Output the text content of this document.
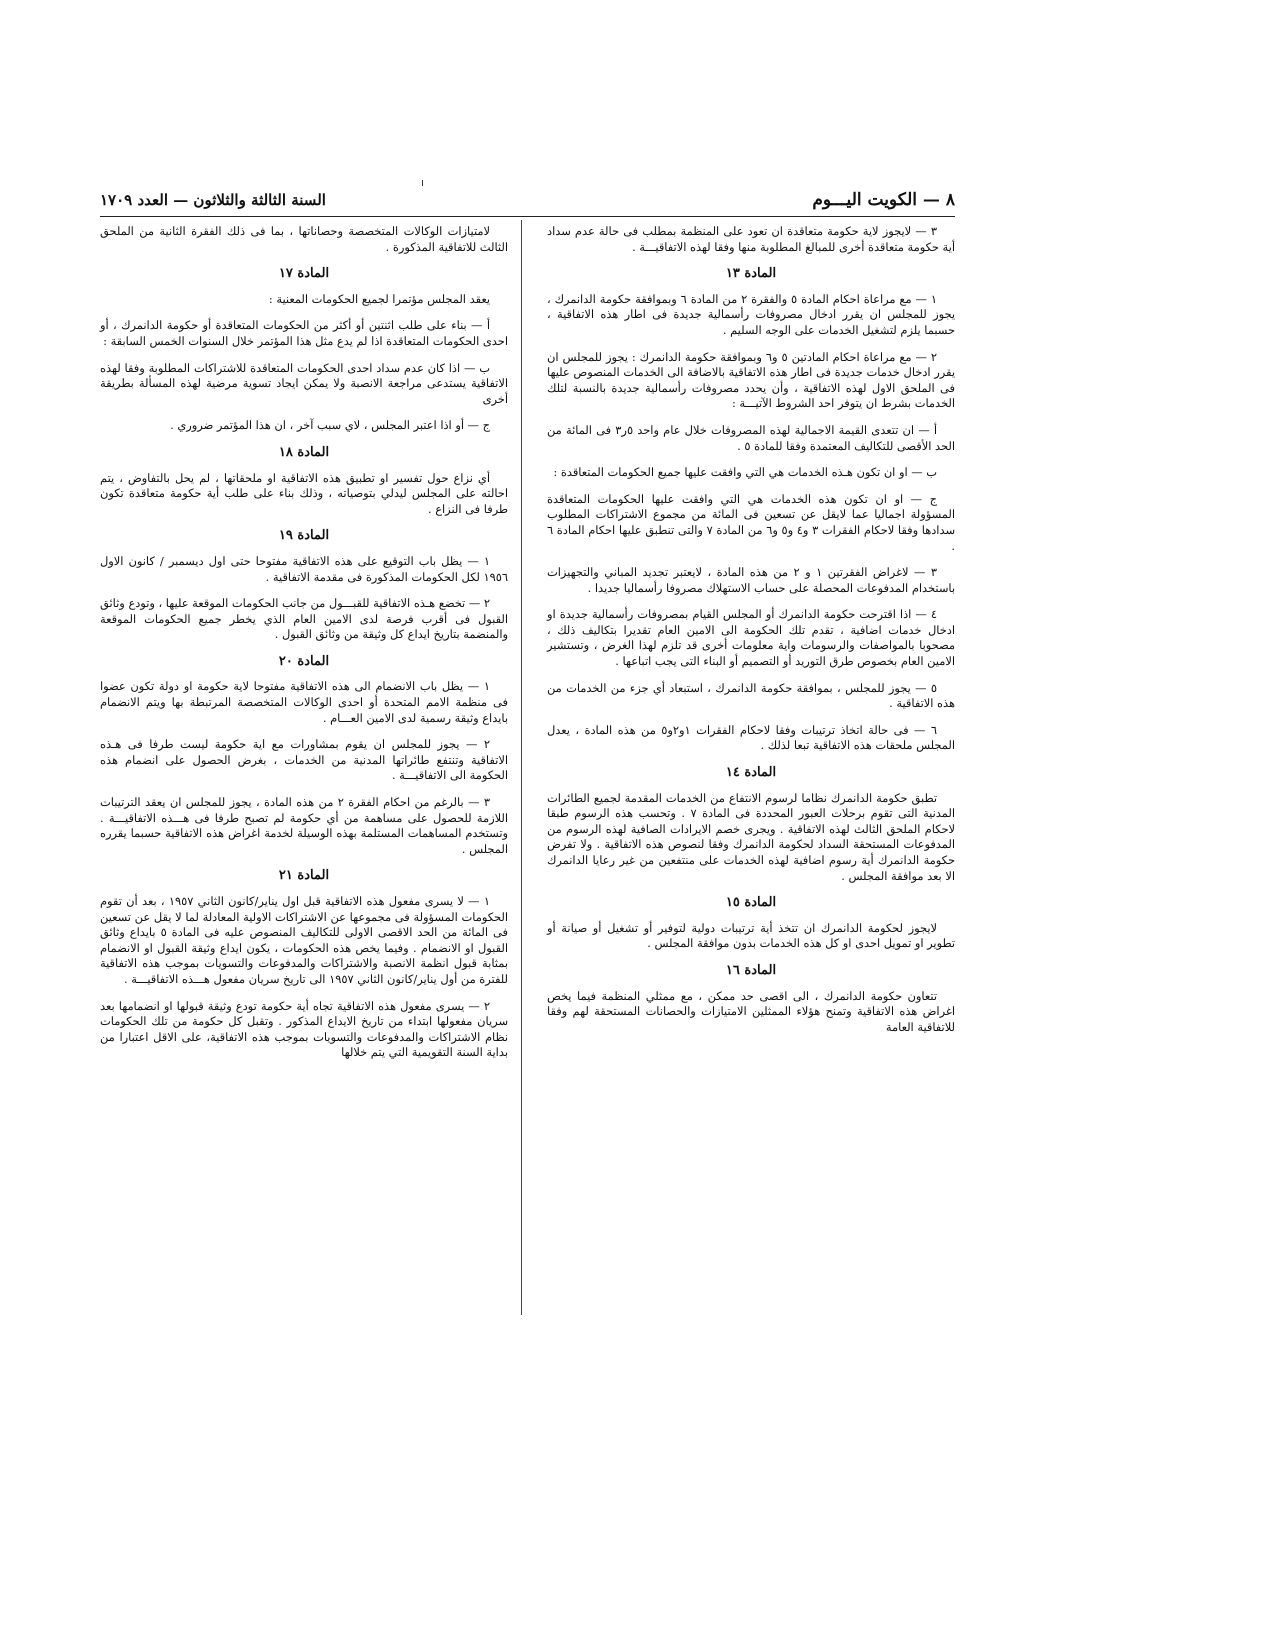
٨ — الكويت اليـــوم
السنة الثالثة والثلاثون — العدد ١٧٠٩

٣ — لايجوز لاية حكومة متعاقدة ان تعود على المنظمة بمطلب فى حالة عدم سداد أية حكومة متعاقدة أخرى للمبالغ المطلوبة منها وفقا لهذه الاتفاقيـــة .

المادة ١٣

١ — مع مراعاة احكام المادة ٥ والفقرة ٢ من المادة ٦ وبموافقة حكومة الدانمرك ، يجوز للمجلس ان يقرر ادخال مصروفات رأسمالية جديدة فى اطار هذه الاتفاقية ، حسبما يلزم لتشغيل الخدمات على الوجه السليم .

٢ — مع مراعاة احكام المادتين ٥ و٦ وبموافقة حكومة الدانمرك : يجوز للمجلس ان يقرر ادخال خدمات جديدة فى اطار هذه الاتفاقية بالاضافة الى الخدمات المنصوص عليها فى الملحق الاول لهذه الاتفاقية ، وأن يحدد مصروفات رأسمالية جديدة بالنسبة لتلك الخدمات بشرط ان يتوفر احد الشروط الآتيـــة :

أ — ان تتعدى القيمة الاجمالية لهذه المصروفات خلال عام واحد ٥ر٣ فى المائة من الحد الأقصى للتكاليف المعتمدة وفقا للمادة ٥ .

ب — او ان تكون هـذه الخدمات هي التي وافقت عليها جميع الحكومات المتعاقدة :

ج — او ان تكون هذه الخدمات هي التي وافقت عليها الحكومات المتعاقدة المسؤولة اجماليا عما لايقل عن تسعين فى المائة من مجموع الاشتراكات المطلوب سدادها وفقا لاحكام الفقرات ٣ و٤ و٥ و٦ من المادة ٧ والتى تنطبق عليها احكام المادة ٦ .

٣ — لاغراض الفقرتين ١ و ٢ من هذه المادة ، لايعتبر تجديد المباني والتجهيزات باستخدام المدفوعات المحصلة على حساب الاستهلاك مصروفا رأسماليا جديدا .

٤ — اذا اقترحت حكومة الدانمرك أو المجلس القيام بمصروفات رأسمالية جديدة او ادخال خدمات اضافية ، تقدم تلك الحكومة الى الامين العام تقديرا بتكاليف ذلك ، مصحوبا بالمواصفات والرسومات واية معلومات أخرى قد تلزم لهذا الغرض ، وتستشير الامين العام بخصوص طرق التوريد أو التصميم أو البناء التى يجب اتباعها .

٥ — يجوز للمجلس ، بموافقة حكومة الدانمرك ، استبعاد أي جزء من الخدمات من هذه الاتفاقية .

٦ — فى حالة اتخاذ ترتيبات وفقا لاحكام الفقرات ١و٢و٥ من هذه المادة ، يعدل المجلس ملحقات هذه الاتفاقية تبعا لذلك .

المادة ١٤

تطبق حكومة الدانمرك نظاما لرسوم الانتفاع من الخدمات المقدمة لجميع الطائرات المدنية التى تقوم برحلات العبور المحددة فى المادة ٧ . وتحسب هذه الرسوم طبقا لاحكام الملحق الثالث لهذه الاتفاقية . ويجرى خصم الايرادات الصافية لهذه الرسوم من المدفوعات المستحقة السداد لحكومة الدانمرك وفقا لنصوص هذه الاتفاقية . ولا تفرض حكومة الدانمرك أية رسوم اضافية لهذه الخدمات على منتفعين من غير رعايا الدانمرك الا بعد موافقة المجلس .

المادة ١٥

لايجوز لحكومة الدانمرك ان تتخذ أية ترتيبات دولية لتوفير أو تشغيل أو صيانة أو تطوير او تمويل احدى او كل هذه الخدمات بدون موافقة المجلس .

المادة ١٦

تتعاون حكومة الدانمرك ، الى اقصى حد ممكن ، مع ممثلي المنظمة فيما يخص اغراض هذه الاتفاقية وتمنح هؤلاء الممثلين الامتيازات والحصانات المستحقة لهم وفقا للاتفاقية العامة

لامتيازات الوكالات المتخصصة وحصاناتها ، بما فى ذلك الفقرة الثانية من الملحق الثالث للاتفاقية المذكورة .

المادة ١٧

يعقد المجلس مؤتمرا لجميع الحكومات المعنية :

أ — بناء على طلب اثنتين أو أكثر من الحكومات المتعاقدة أو حكومة الدانمرك ، أو احدى الحكومات المتعاقدة اذا لم يدع مثل هذا المؤتمر خلال السنوات الخمس السابقة :

ب — اذا كان عدم سداد احدى الحكومات المتعاقدة للاشتراكات المطلوبة وفقا لهذه الاتفاقية يستدعى مراجعة الانصبة ولا يمكن ايجاد تسوية مرضية لهذه المسألة بطريقة أخرى

ج — أو اذا اعتبر المجلس ، لاي سبب آخر ، ان هذا المؤتمر ضروري .

المادة ١٨

أي نزاع حول تفسير او تطبيق هذه الاتفاقية او ملحقاتها ، لم يحل بالتفاوض ، يتم احالته على المجلس ليدلي بتوصياته ، وذلك بناء على طلب أية حكومة متعاقدة تكون طرفا فى النزاع .

المادة ١٩

١ — يظل باب التوقيع على هذه الاتفاقية مفتوحا حتى اول ديسمبر / كانون الاول ١٩٥٦ لكل الحكومات المذكورة فى مقدمة الاتفاقية .

٢ — تخضع هـذه الاتفاقية للقبـــول من جانب الحكومات الموقعة عليها ، وتودع وثائق القبول فى أقرب فرصة لدى الامين العام الذي يخطر جميع الحكومات الموقعة والمنضمة بتاريخ ايداع كل وثيقة من وثائق القبول .

المادة ٢٠

١ — يظل باب الانضمام الى هذه الاتفاقية مفتوحا لاية حكومة او دولة تكون عضوا فى منظمة الامم المتحدة أو احدى الوكالات المتخصصة المرتبطة بها ويتم الانضمام بايداع وثيقة رسمية لدى الامين العـــام .

٢ — يجوز للمجلس ان يقوم بمشاورات مع اية حكومة ليست طرفا فى هـذه الاتفاقية وتنتفع طائراتها المدنية من الخدمات ، بغرض الحصول على انضمام هذه الحكومة الى الاتفاقيـــة .

٣ — بالرغم من احكام الفقرة ٢ من هذه المادة ، يجوز للمجلس ان يعقد الترتيبات اللازمة للحصول على مساهمة من أي حكومة لم تصبح طرفا فى هـــذه الاتفاقيـــة . وتستخدم المساهمات المستلمة بهذه الوسيلة لخدمة اغراض هذه الاتفاقية حسبما يقرره المجلس .

المادة ٢١

١ — لا يسرى مفعول هذه الاتفاقية قبل اول يناير/كانون الثاني ١٩٥٧ ، بعد أن تقوم الحكومات المسؤولة فى مجموعها عن الاشتراكات الاولية المعادلة لما لا يقل عن تسعين فى المائة من الحد الاقصى الاولى للتكاليف المنصوص عليه فى المادة ٥ بايداع وثائق القبول او الانضمام . وفيما يخص هذه الحكومات ، يكون ايداع وثيقة القبول او الانضمام بمثابة قبول انظمة الانصبة والاشتراكات والمدفوعات والتسويات بموجب هذه الاتفاقية للفترة من أول يناير/كانون الثاني ١٩٥٧ الى تاريخ سريان مفعول هـــذه الاتفاقيـــة .

٢ — يسرى مفعول هذه الاتفاقية تجاه أية حكومة تودع وثيقة قبولها او انضمامها بعد سريان مفعولها ابتداء من تاريخ الايداع المذكور . وتقبل كل حكومة من تلك الحكومات نظام الاشتراكات والمدفوعات والتسويات بموجب هذه الاتفاقية، على الاقل اعتبارا من بداية السنة التقويمية التي يتم خلالها
